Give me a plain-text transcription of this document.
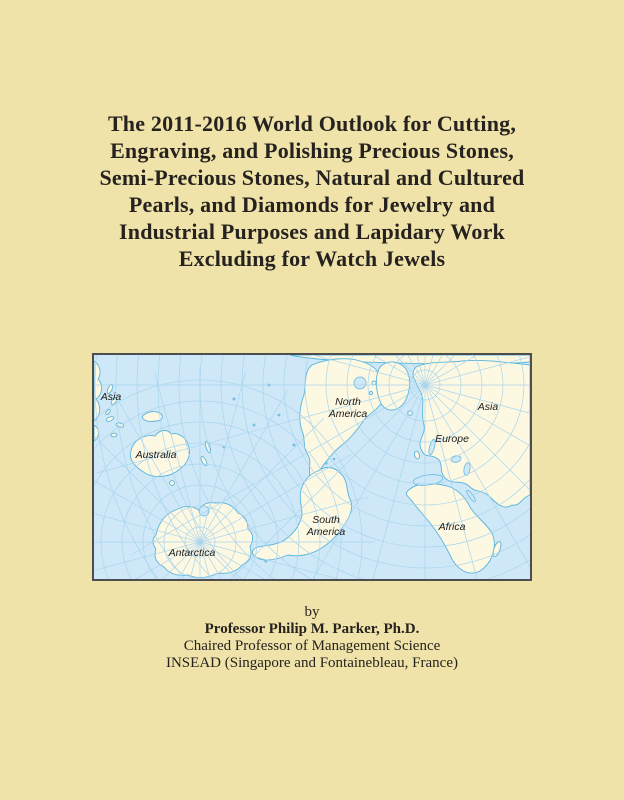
The 2011-2016 World Outlook for Cutting,
Engraving, and Polishing Precious Stones,
Semi-Precious Stones, Natural and Cultured
Pearls, and Diamonds for Jewelry and
Industrial Purposes and Lapidary Work
Excluding for Watch Jewels
Asia
Australia
Antarctica
North
America
South
America
Europe
Asia
Africa
by
Professor Philip M. Parker, Ph.D.
Chaired Professor of Management Science
INSEAD (Singapore and Fontainebleau, France)
